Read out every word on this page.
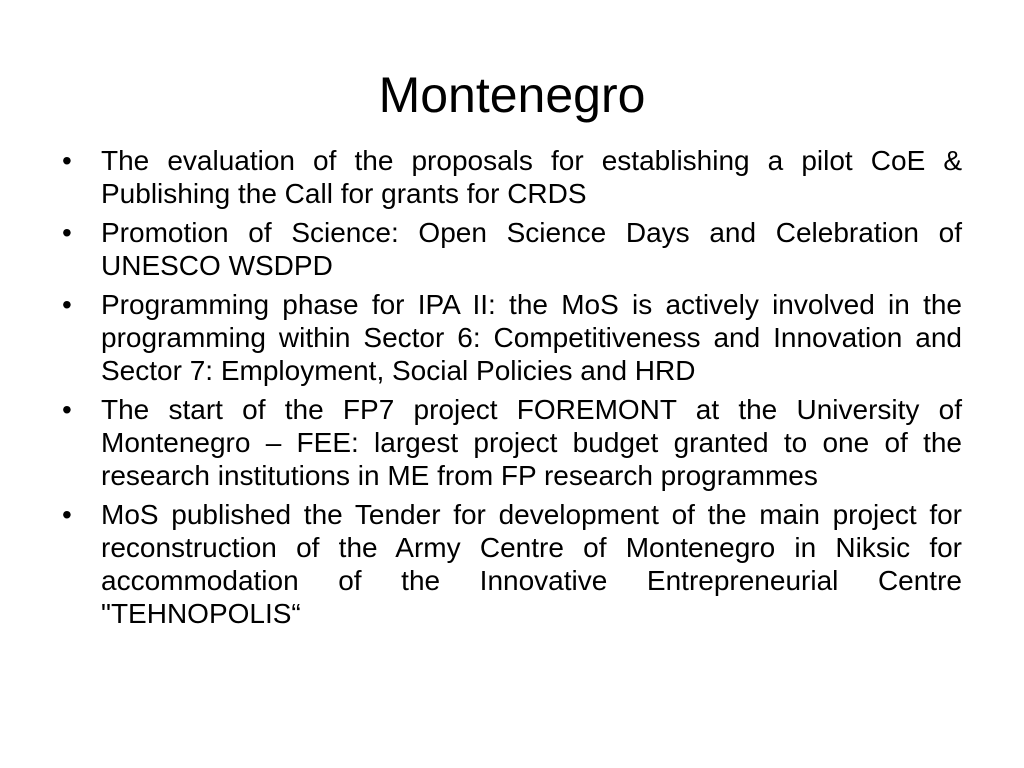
Montenegro
•	The evaluation of the proposals for establishing a pilot CoE & Publishing the Call for grants for CRDS
•	Promotion of Science: Open Science Days and Celebration of UNESCO WSDPD
•	Programming phase for IPA II: the MoS is actively involved in the programming within Sector 6: Competitiveness and Innovation and Sector 7: Employment, Social Policies and HRD
•	The start of the FP7 project FOREMONT at the University of Montenegro – FEE: largest project budget granted to one of the research institutions in ME from FP research programmes
•	MoS published the Tender for development of the main project for reconstruction of the Army Centre of Montenegro in Niksic for accommodation of the Innovative Entrepreneurial Centre "TEHNOPOLIS“
